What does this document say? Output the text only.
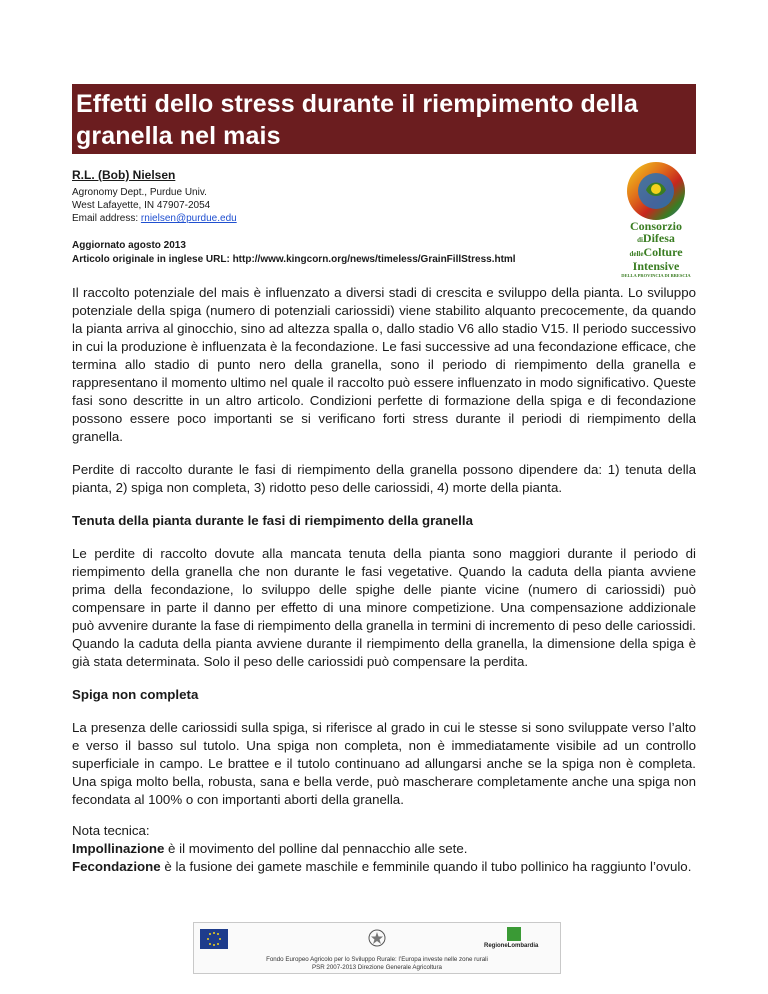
Effetti dello stress durante il riempimento della granella nel mais

R.L. (Bob) Nielsen

Agronomy Dept., Purdue Univ.

West Lafayette, IN 47907-2054

Email address: rnielsen@purdue.edu

Aggiornato agosto 2013

Articolo originale in inglese URL: http://www.kingcorn.org/news/timeless/GrainFillStress.html

Consorzio
diDifesa
delleColture
Intensive
DELLA PROVINCIA DI BRESCIA

Il raccolto potenziale del mais è influenzato a diversi stadi di crescita e sviluppo della pianta. Lo sviluppo potenziale della spiga (numero di potenziali cariossidi) viene stabilito alquanto precocemente, da quando la pianta arriva al ginocchio, sino ad altezza spalla o, dallo stadio V6 allo stadio V15. Il periodo successivo in cui la produzione è influenzata è la fecondazione. Le fasi successive ad una fecondazione efficace, che termina allo stadio di punto nero della granella, sono il periodo di riempimento della granella e rappresentano il momento ultimo nel quale il raccolto può essere influenzato in modo significativo. Queste fasi sono descritte in un altro articolo. Condizioni perfette di formazione della spiga e di fecondazione possono essere poco importanti se si verificano forti stress durante il periodi di riempimento della granella.

Perdite di raccolto durante le fasi di riempimento della granella possono dipendere da: 1) tenuta della pianta, 2) spiga non completa, 3) ridotto peso delle cariossidi, 4) morte della pianta.

Tenuta della pianta durante le fasi di riempimento della granella

Le perdite di raccolto dovute alla mancata tenuta della pianta sono maggiori durante il periodo di riempimento della granella che non durante le fasi vegetative. Quando la caduta della pianta avviene prima della fecondazione, lo sviluppo delle spighe delle piante vicine (numero di cariossidi) può compensare in parte il danno per effetto di una minore competizione. Una compensazione addizionale può avvenire durante la fase di riempimento della granella in termini di incremento di peso delle cariossidi. Quando la caduta della pianta avviene durante il riempimento della granella, la dimensione della spiga è già stata determinata. Solo il peso delle cariossidi può compensare la perdita.

Spiga non completa

La presenza delle cariossidi sulla spiga, si riferisce al grado in cui le stesse si sono sviluppate verso l’alto e verso il basso sul tutolo. Una spiga non completa, non è immediatamente visibile ad un controllo superficiale in campo. Le brattee e il tutolo continuano ad allungarsi anche se la spiga non è completa. Una spiga molto bella, robusta, sana e bella verde, può mascherare completamente anche una spiga non fecondata al 100% o con importanti aborti della granella.

Nota tecnica:

Impollinazione è il movimento del polline dal pennacchio alle sete.

Fecondazione è la fusione dei gamete maschile e femminile quando il tubo pollinico ha raggiunto l’ovulo.

RegioneLombardia
Fondo Europeo Agricolo per lo Sviluppo Rurale: l’Europa investe nelle zone rurali
PSR 2007-2013 Direzione Generale Agricoltura
